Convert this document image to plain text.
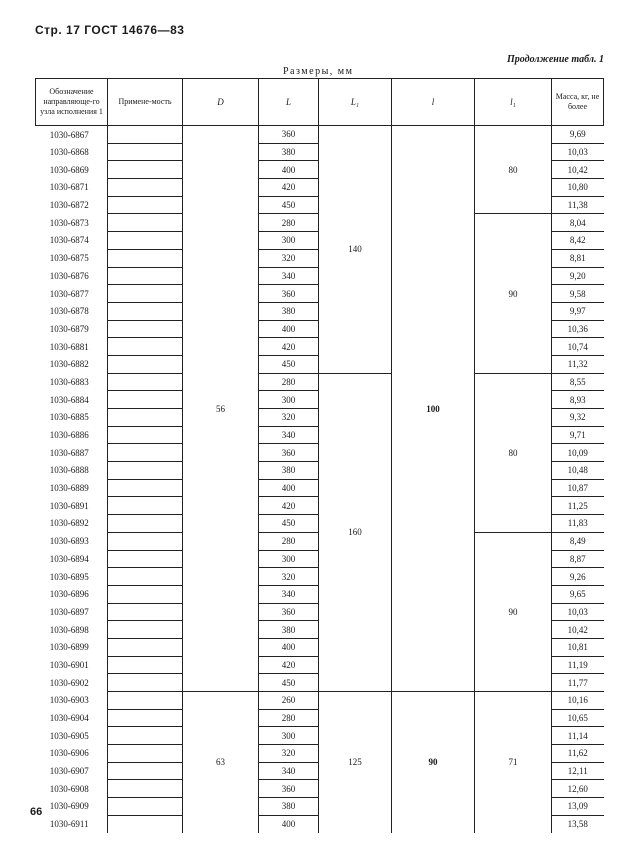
Стр. 17 ГОСТ 14676—83
Продолжение табл. 1
Размеры, мм
Обозначение направляюще-го узла исполнения 1	Примене-мость	D	L	L₁	l	l₁	Масса, кг, не более
1030-6867		56	360	140	100	80	9,69
1030-6868			380				10,03
1030-6869			400				10,42
1030-6871			420				10,80
1030-6872			450				11,38
1030-6873			280			90	8,04
1030-6874			300				8,42
1030-6875			320				8,81
1030-6876			340				9,20
1030-6877			360				9,58
1030-6878			380				9,97
1030-6879			400				10,36
1030-6881			420				10,74
1030-6882			450				11,32
1030-6883			280	160		80	8,55
1030-6884			300				8,93
1030-6885			320				9,32
1030-6886			340				9,71
1030-6887			360				10,09
1030-6888			380				10,48
1030-6889			400				10,87
1030-6891			420				11,25
1030-6892			450				11,83
1030-6893			280			90	8,49
1030-6894			300				8,87
1030-6895			320				9,26
1030-6896			340				9,65
1030-6897			360				10,03
1030-6898			380				10,42
1030-6899			400				10,81
1030-6901			420				11,19
1030-6902			450				11,77
1030-6903		63	260	125	90	71	10,16
1030-6904			280				10,65
1030-6905			300				11,14
1030-6906			320				11,62
1030-6907			340				12,11
1030-6908			360				12,60
1030-6909			380				13,09
1030-6911			400				13,58
66
